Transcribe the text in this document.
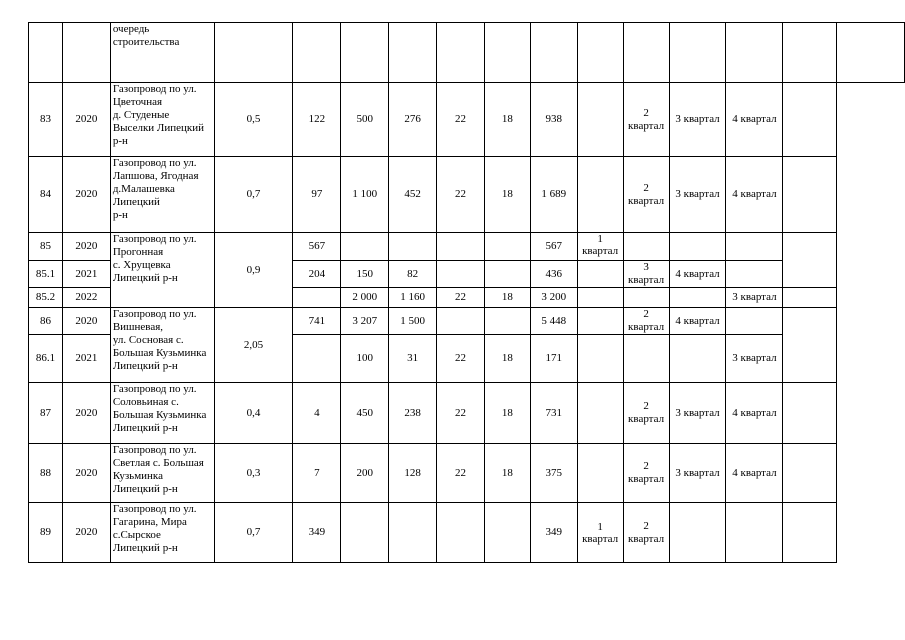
		очередь
строительства													
83	2020	Газопровод по ул.
Цветочная
д. Студеные
Выселки Липецкий
р-н	0,5	122	500	276	22	18	938		2 квартал	3 квартал	4 квартал		
84	2020	Газопровод по ул.
Лапшова, Ягодная
д.Малашевка
Липецкий
р-н	0,7	97	1 100	452	22	18	1 689		2 квартал	3 квартал	4 квартал		
85	2020	Газопровод по ул.
Прогонная
с. Хрущевка
Липецкий р-н	0,9	567					567	1
квартал					
85.1	2021			204	150	82			436		3 квартал	4 квартал			
85.2	2022				2 000	1 160	22	18	3 200				3 квартал		
86	2020	Газопровод по ул.
Вишневая,
ул. Сосновая с.
Большая Кузьминка
Липецкий р-н	2,05	741	3 207	1 500			5 448		2 квартал	4 квартал			
86.1	2021				100	31	22	18	171				3 квартал		
87	2020	Газопровод по ул.
Соловьиная с.
Большая Кузьминка
Липецкий р-н	0,4	4	450	238	22	18	731		2 квартал	3 квартал	4 квартал		
88	2020	Газопровод по ул.
Светлая с. Большая
Кузьминка
Липецкий р-н	0,3	7	200	128	22	18	375		2 квартал	3 квартал	4 квартал		
89	2020	Газопровод по ул.
Гагарина, Мира
с.Сырское
Липецкий р-н	0,7	349					349	1
квартал	2 квартал				
